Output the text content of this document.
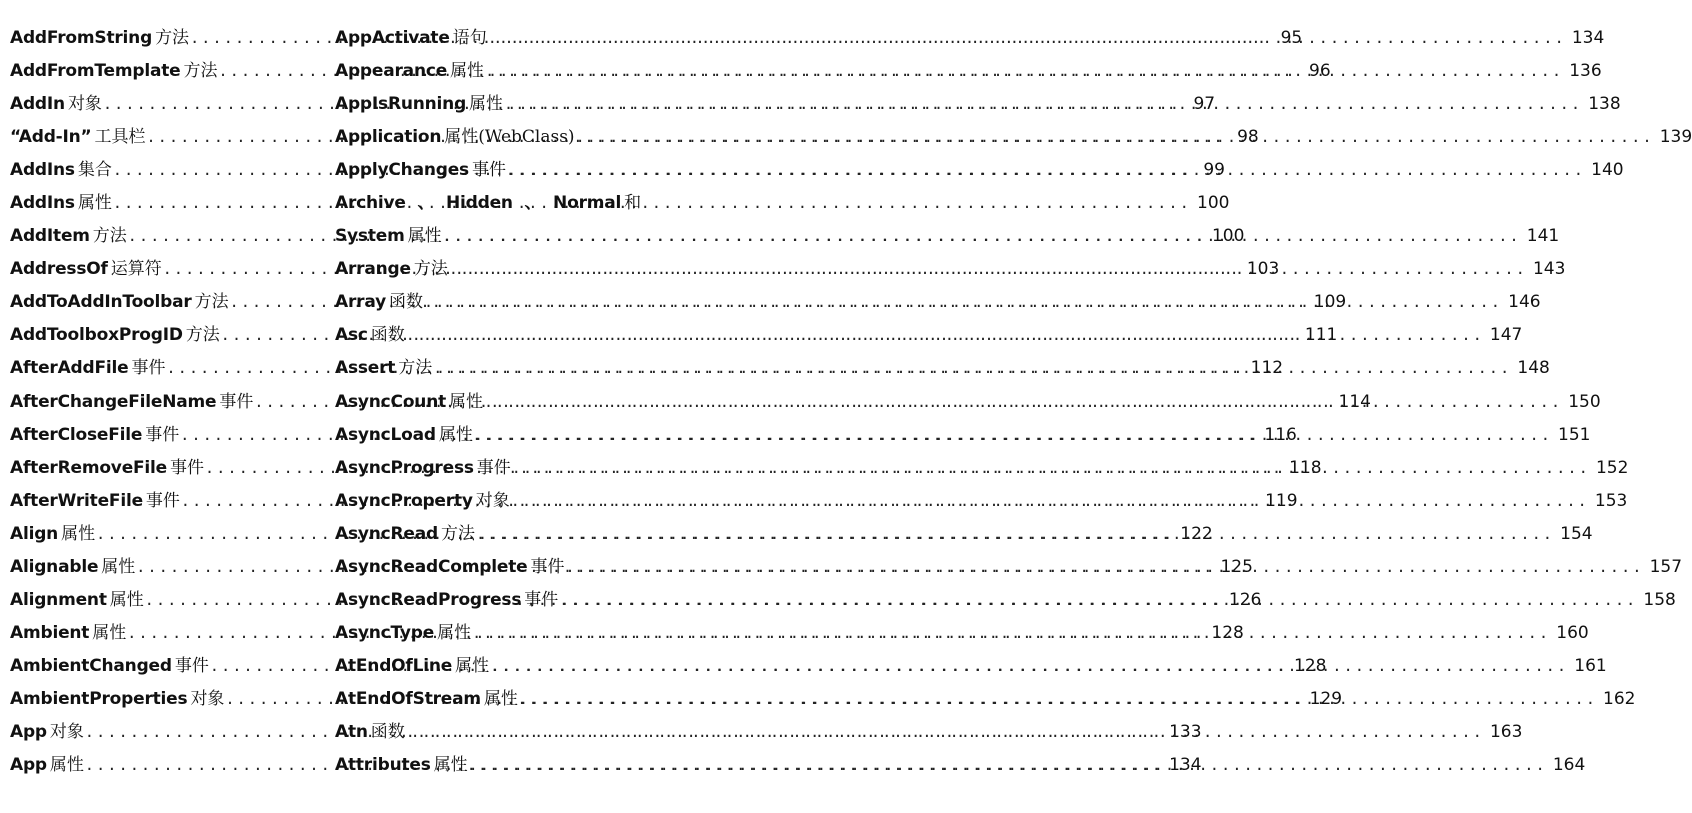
AddFromString 方法 .....	95
AddFromTemplate 方法 .....	96
AddIn 对象 .....	97
“Add-In” 工具栏 .....	98
AddIns 集合 .....	99
AddIns 属性 .....	100
AddItem 方法 .....	100
AddressOf 运算符 .....	103
AddToAddInToolbar 方法 .....	109
AddToolboxProgID 方法 .....	111
AfterAddFile 事件 .....	112
AfterChangeFileName 事件 .....	114
AfterCloseFile 事件 .....	116
AfterRemoveFile 事件 .....	118
AfterWriteFile 事件 .....	119
Align 属性 .....	122
Alignable 属性 .....	125
Alignment 属性 .....	126
Ambient 属性 .....	128
AmbientChanged 事件 .....	128
AmbientProperties 对象 .....	129
App 对象 .....	133
App 属性 .....	134
AppActivate 语句 .....	134
Appearance 属性 .....	136
AppIsRunning 属性 .....	138
Application 属性(WebClass) .....	139
ApplyChanges 事件 .....	140
Archive 、 Hidden 、 Normal 和
System 属性 .....	141
Arrange 方法 .....	143
Array 函数 .....	146
Asc 函数 .....	147
Assert 方法 .....	148
AsyncCount 属性 .....	150
AsyncLoad 属性 .....	151
AsyncProgress 事件 .....	152
AsyncProperty 对象 .....	153
AsyncRead 方法 .....	154
AsyncReadComplete 事件 .....	157
AsyncReadProgress 事件 .....	158
AsyncType 属性 .....	160
AtEndOfLine 属性 .....	161
AtEndOfStream 属性 .....	162
Atn 函数 .....	163
Attributes 属性 .....	164
